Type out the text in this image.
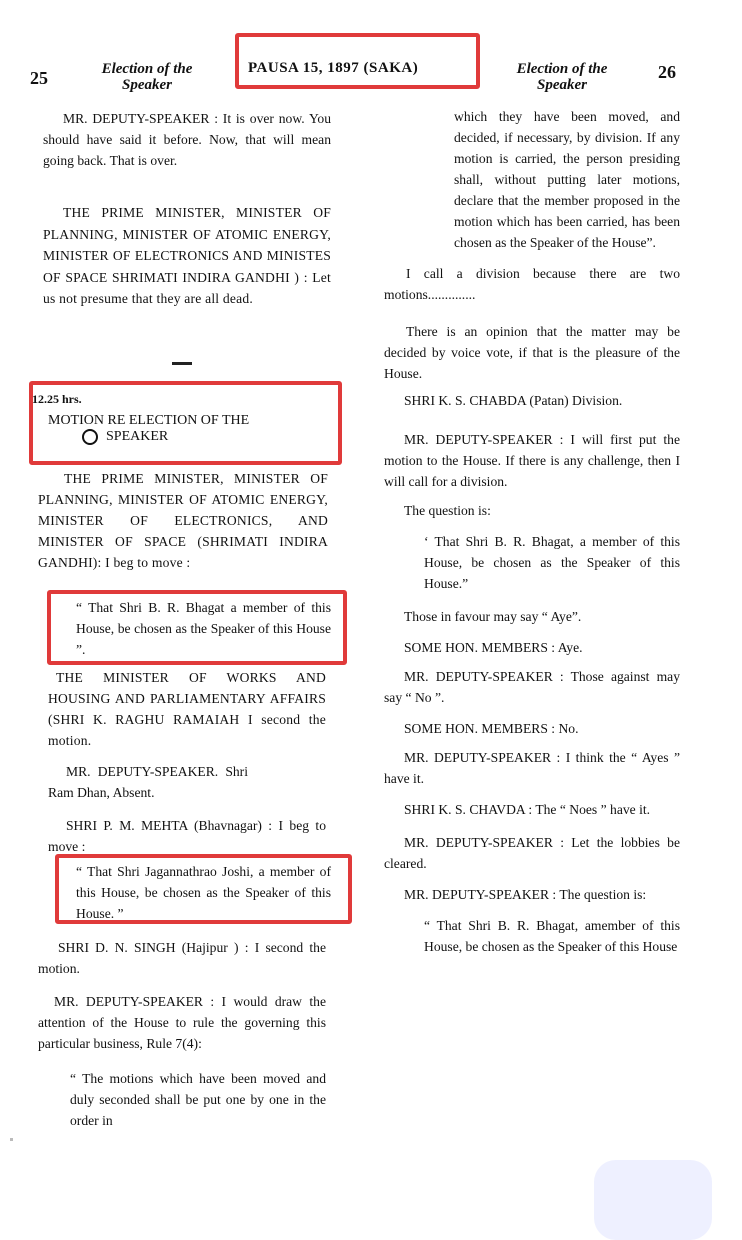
25	Election of the Speaker
PAUSA 15, 1897 (SAKA)	Election of the Speaker
26

MR. DEPUTY-SPEAKER : It is over now. You should have said it before. Now, that will mean going back. That is over.

THE PRIME MINISTER, MINISTER OF PLANNING, MINISTER OF ATOMIC ENERGY, MINISTER OF ELECTRONICS AND MINISTES OF SPACE SHRIMATI INDIRA GANDHI ) : Let us not presume that they are all dead.

12.25 hrs.

MOTION RE ELECTION OF THE

SPEAKER

THE PRIME MINISTER, MINISTER OF PLANNING, MINISTER OF ATOMIC ENERGY, MINISTER OF ELECTRONICS, AND MINISTER OF SPACE (SHRIMATI INDIRA GANDHI): I beg to move :

“ That Shri B. R. Bhagat a member of this House, be chosen as the Speaker of this House ”.

THE MINISTER OF WORKS AND HOUSING AND PARLIAMENTARY AFFAIRS (SHRI K. RAGHU RAMAIAH I second the motion.

MR. DEPUTY-SPEAKER. Shri Ram Dhan, Absent.

SHRI P. M. MEHTA (Bhavnagar) : I beg to move :

“ That Shri Jagannathrao Joshi, a member of this House, be chosen as the Speaker of this House. ”

SHRI D. N. SINGH (Hajipur ) : I second the motion.

MR. DEPUTY-SPEAKER : I would draw the attention of the House to rule the governing this particular business, Rule 7(4):

“ The motions which have been moved and duly seconded shall be put one by one in the order in

which they have been moved, and decided, if necessary, by division. If any motion is carried, the person presiding shall, without putting later motions, declare that the member proposed in the motion which has been carried, has been chosen as the Speaker of the House”.

I call a division because there are two motions..............

There is an opinion that the matter may be decided by voice vote, if that is the pleasure of the House.

SHRI K. S. CHABDA (Patan) Division.

MR. DEPUTY-SPEAKER : I will first put the motion to the House. If there is any challenge, then I will call for a division.

The question is:

‘ That Shri B. R. Bhagat, a member of this House, be chosen as the Speaker of this House.”

Those in favour may say “ Aye”.

SOME HON. MEMBERS : Aye.

MR. DEPUTY-SPEAKER : Those against may say “ No ”.

SOME HON. MEMBERS : No.

MR. DEPUTY-SPEAKER : I think the “ Ayes ” have it.

SHRI K. S. CHAVDA : The “ Noes ” have it.

MR. DEPUTY-SPEAKER : Let the lobbies be cleared.

MR. DEPUTY-SPEAKER : The question is:

“ That Shri B. R. Bhagat, amember of this House, be chosen as the Speaker of this House
